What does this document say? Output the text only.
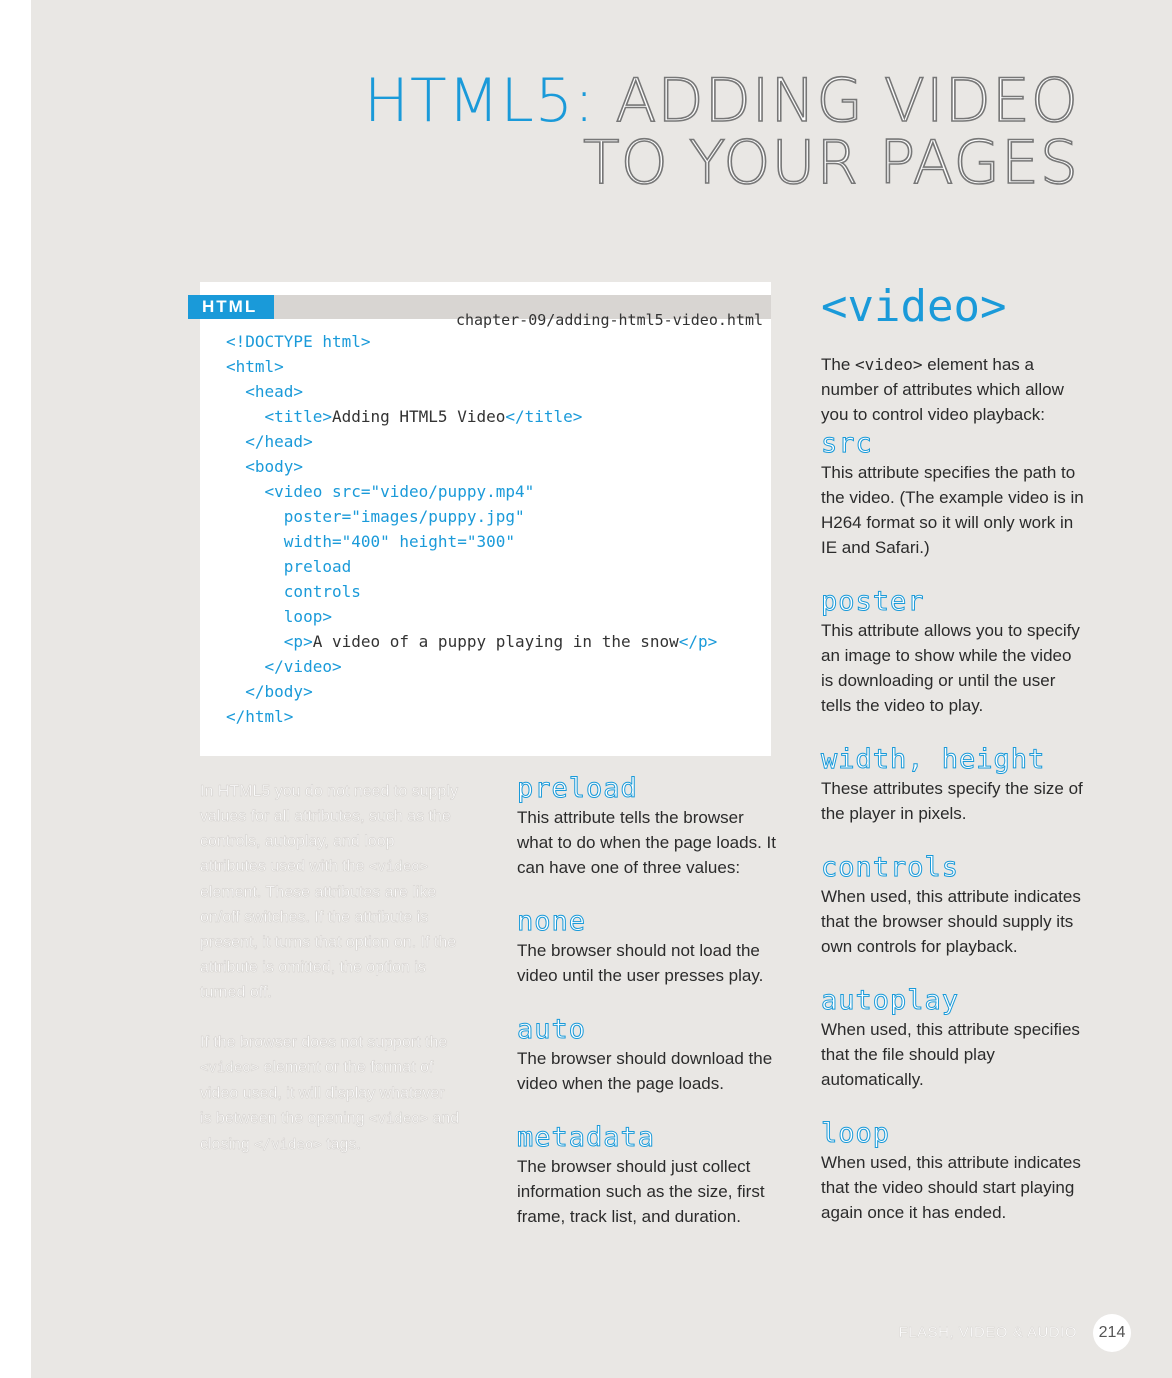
HTML5: ADDING VIDEO
TO YOUR PAGES
chapter-09/adding-html5-video.html
<!DOCTYPE html>
<html>
<head>
<title>Adding HTML5 Video</title>
</head>
<body>
<video src="video/puppy.mp4"
poster="images/puppy.jpg"
width="400" height="300"
preload
controls
loop>
<p>A video of a puppy playing in the snow</p>
</video>
</body>
</html>
HTML

In HTML5 you do not need to supply values for all attributes, such as the controls, autoplay, and loop attributes used with the <video> element. These attributes are like on/off switches. If the attribute is present, it turns that option on. If the attribute is omitted, the option is turned off.

If the browser does not support the <video> element or the format of video used, it will display whatever is between the opening <video> and closing </video> tags.

preload

This attribute tells the browser what to do when the page loads. It can have one of three values:

none

The browser should not load the video until the user presses play.

auto

The browser should download the video when the page loads.

metadata

The browser should just collect information such as the size, first frame, track list, and duration.

<video>

The <video> element has a number of attributes which allow you to control video playback:

src

This attribute specifies the path to the video. (The example video is in H264 format so it will only work in IE and Safari.)

poster

This attribute allows you to specify an image to show while the video is downloading or until the user tells the video to play.

width, height

These attributes specify the size of the player in pixels.

controls

When used, this attribute indicates that the browser should supply its own controls for playback.

autoplay

When used, this attribute specifies that the file should play automatically.

loop

When used, this attribute indicates that the video should start playing again once it has ended.

FLASH, VIDEO & AUDIO	214
